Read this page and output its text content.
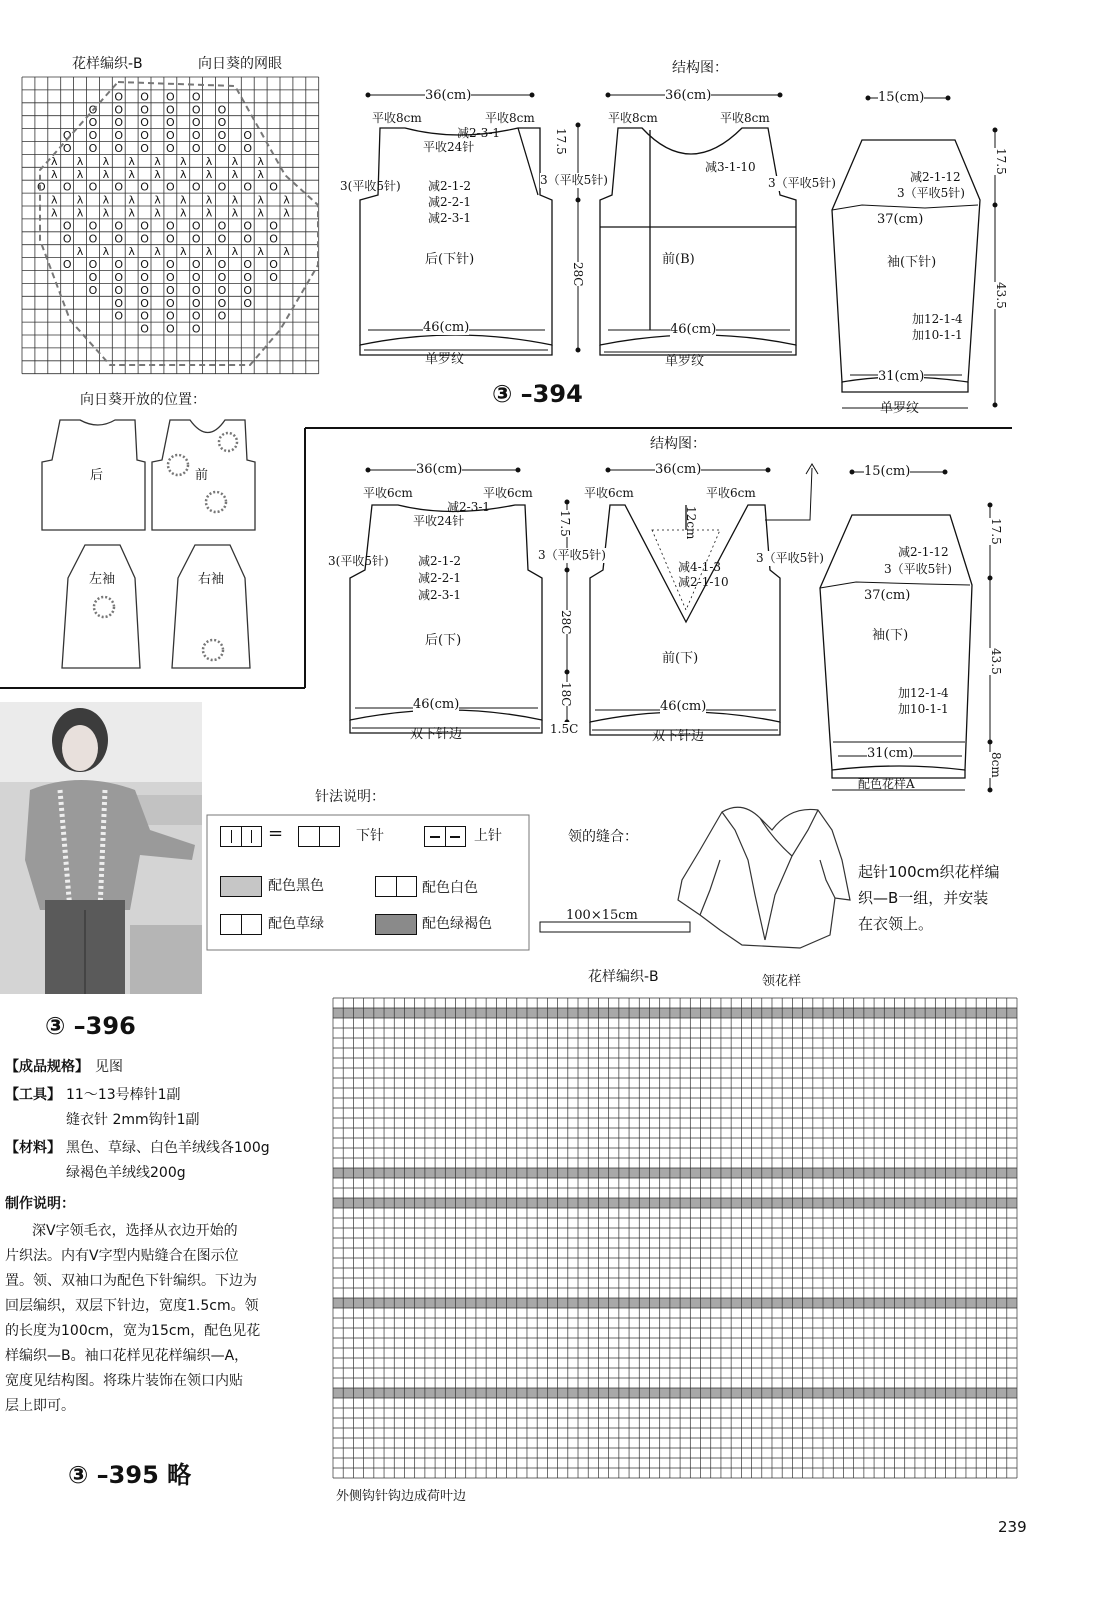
O O O O
O O O O O O
O O O O O O
O O O O O O O O
O O O O O O O O
λ λ λ λ λ λ λ λ λ
λ λ λ λ λ λ λ λ λ
O O O O O O O O O O
λ λ λ λ λ λ λ λ λ λ
λ λ λ λ λ λ λ λ λ λ
O O O O O O O O O
O O O O O O O O O
λ λ λ λ λ λ λ λ λ
O O O O O O O O O
O O O O O O O O
O O O O O O O
O O O O O O
O O O O O
O O O
花样编织-B	向日葵的网眼
向日葵开放的位置：
后	前
左袖	右袖
结构图：
③ –394
36(cm)
平收8cm	平收8cm
减2-3-1
平收24针
3(平收5针) 减2-1-2
减2-2-1
减2-3-1
后(下针)
46(cm)
单罗纹
3（平收5针)
36(cm)
平收8cm	平收8cm
减3-1-10
3（平收5针)
前(B)
46(cm)
单罗纹
17.5
28C
15(cm)
减2-1-12
3（平收5针)
37(cm)
袖(下针)
加12-1-4
加10-1-1
31(cm)
单罗纹
17.5
43.5
结构图：
36(cm)
平收6cm	平收6cm
减2-3-1
平收24针
3(平收5针) 减2-1-2
减2-2-1
减2-3-1
后(下)
46(cm)
双下针边
3（平收5针)
36(cm)
平收6cm	平收6cm
12cm
减4-1-3
减2-1-10
3（平收5针)
前(下)
46(cm)
双下针边
17.5
28C
18C
1.5C
15(cm)
减2-1-12
3（平收5针)
37(cm)
袖(下)
加12-1-4
加10-1-1
31(cm)
配色花样A
17.5
43.5
8cm
针法说明：
=	下针	上针
配色黑色	配色白色
配色草绿	配色绿褐色
领的缝合：
100×15cm
起针100cm织花样编
织—B一组，并安装
在衣领上。
花样编织-B	领花样
外侧钩针钩边成荷叶边
③ –396
【成品规格】 见图
【工具】 11～13号棒针1副
缝衣针 2mm钩针1副
【材料】 黑色、草绿、白色羊绒线各100g
绿褐色羊绒线200g
制作说明：
深V字领毛衣，选择从衣边开始的
片织法。内有V字型内贴缝合在图示位
置。领、双袖口为配色下针编织。下边为
回层编织，双层下针边，宽度1.5cm。领
的长度为100cm，宽为15cm，配色见花
样编织—B。袖口花样见花样编织—A，
宽度见结构图。将珠片装饰在领口内贴
层上即可。
③ –395 略
239
